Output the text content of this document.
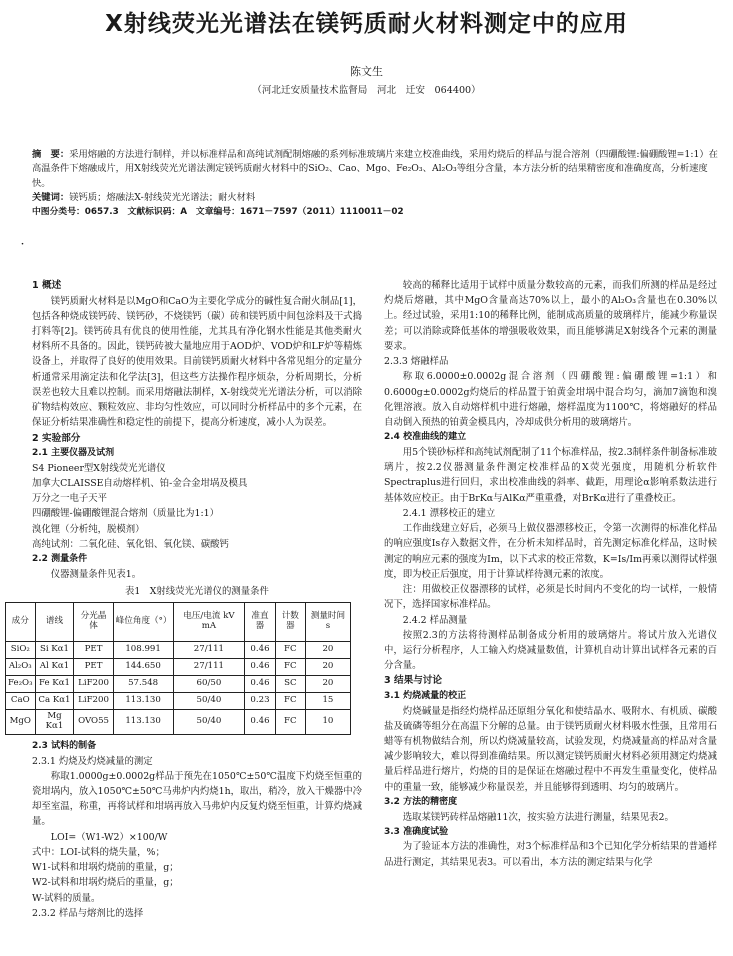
X射线荧光光谱法在镁钙质耐火材料测定中的应用
陈文生
（河北迁安质量技术监督局　河北　迁安　064400）
摘　要：采用熔融的方法进行制样，并以标准样品和高纯试剂配制熔融的系列标准玻璃片来建立校准曲线，采用灼烧后的样品与混合溶剂（四硼酸锂:偏硼酸锂=1:1）在高温条件下熔融成片，用X射线荧光光谱法测定镁钙质耐火材料中的SiO₂、Cao、Mgo、Fe₂O₃、Al₂O₃等组分含量，本方法分析的结果精密度和准确度高，分析速度快。
关键词：镁钙质；熔融法X-射线荧光光谱法；耐火材料
中图分类号：0657.3　文献标识码：A　文章编号：1671－7597（2011）1110011－02
・
1 概述
镁钙质耐火材料是以MgO和CaO为主要化学成分的碱性复合耐火制品[1]，包括各种烧成镁钙砖、镁钙砂，不烧镁钙（碳）砖和镁钙质中间包涂料及干式捣打料等[2]。镁钙砖具有优良的使用性能，尤其具有净化钢水性能是其他类耐火材料所不具备的。因此，镁钙砖被大量地应用于AOD炉、VOD炉和LF炉等精炼设备上，并取得了良好的使用效果。目前镁钙质耐火材料中各常见组分的定量分析通常采用滴定法和化学法[3]，但这些方法操作程序烦杂，分析周期长，分析误差也较大且难以控制。而采用熔融法制样，X-射线荧光光谱法分析，可以消除矿物结构效应、颗粒效应、非均匀性效应，可以同时分析样品中的多个元素，在保证分析结果准确性和稳定性的前提下，提高分析速度，减小人为误差。
2 实验部分
2.1 主要仪器及试剂
S4 Pioneer型X射线荧光光谱仪
加拿大CLAISSE自动熔样机、铂-金合金坩埚及模具
万分之一电子天平
四硼酸锂-偏硼酸锂混合熔剂（质量比为1:1）
溴化锂（分析纯，脱模剂）
高纯试剂：二氧化硅、氧化铝、氧化镁、碳酸钙
2.2 测量条件
仪器测量条件见表1。
表1　X射线荧光光谱仪的测量条件
成分	谱线	分光晶体	峰位角度（°）	电压/电流 kV mA	准直器	计数器	测量时间 s
SiO₂	Si Kα1	PET	108.991	27/111	0.46	FC	20
Al₂O₃	Al Kα1	PET	144.650	27/111	0.46	FC	20
Fe₂O₃	Fe Kα1	LiF200	57.548	60/50	0.46	SC	20
CaO	Ca Kα1	LiF200	113.130	50/40	0.23	FC	15
MgO	Mg Kα1	OVO55	113.130	50/40	0.46	FC	10
2.3 试料的制备
2.3.1 灼烧及灼烧减量的测定
称取1.0000g±0.0002g样品于预先在1050℃±50℃温度下灼烧至恒重的瓷坩埚内，放入1050℃±50℃马弗炉内灼烧1h，取出，稍冷，放入干燥器中冷却至室温，称重，再将试样和坩埚再放入马弗炉内反复灼烧至恒重，计算灼烧减量。
LOI=（W1-W2）×100/W
式中：LOI-试料的烧失量，%；
W1-试料和坩埚灼烧前的重量，g；
W2-试料和坩埚灼烧后的重量，g；
W-试料的质量。
2.3.2 样品与熔剂比的选择
较高的稀释比适用于试样中质量分数较高的元素，而我们所测的样品是经过灼烧后熔融，其中MgO含量高达70%以上，最小的Al₂O₃含量也在0.30%以上。经过试验，采用1:10的稀释比例，能制成高质量的玻璃样片，能减少称量误差；可以消除或降低基体的增强吸收效果，而且能够满足X射线各个元素的测量要求。
2.3.3 熔融样品
称取6.0000±0.0002g混合溶剂（四硼酸锂:偏硼酸锂=1:1）和0.6000g±0.0002g灼烧后的样品置于铂黄金坩埚中混合均匀，滴加7滴饱和溴化锂溶液。放入自动熔样机中进行熔融，熔样温度为1100℃，将熔融好的样品自动倒入预热的铂黄金模具内，冷却成供分析用的玻璃熔片。
2.4 校准曲线的建立
用5个镁砂标样和高纯试剂配制了11个标准样品，按2.3制样条件制备标准玻璃片，按2.2仪器测量条件测定校准样品的X荧光强度，用随机分析软件Spectraplus进行回归，求出校准曲线的斜率、截距，用理论α影响系数法进行基体效应校正。由于BrKα与AlKα严重重叠，对BrKα进行了重叠校正。
2.4.1 漂移校正的建立
工作曲线建立好后，必须马上做仪器漂移校正，令第一次测得的标准化样品的响应强度Is存入数据文件，在分析未知样品时，首先测定标准化样品，这时候测定的响应元素的强度为Im，以下式求的校正常数，K=Is/Im再乘以测得试样强度，即为校正后强度，用于计算试样待测元素的浓度。
注：用做校正仪器漂移的试样，必须是长时间内不变化的均一试样，一般情况下，选择国家标准样品。
2.4.2 样品测量
按照2.3的方法将待测样品制备成分析用的玻璃熔片。将试片放入光谱仪中，运行分析程序，人工输入灼烧减量数值，计算机自动计算出试样各元素的百分含量。
3 结果与讨论
3.1 灼烧减量的校正
灼烧碱量是指经灼烧样品还原组分氧化和使结晶水、吸附水、有机质、碳酸盐及硫磷等组分在高温下分解的总量。由于镁钙质耐火材料吸水性强，且常用石蜡等有机物做结合剂，所以灼烧减量较高，试验发现，灼烧减量高的样品对含量减少影响较大，难以得到准确结果。所以测定镁钙质耐火材料必须用测定灼烧减量后样品进行熔片，灼烧的目的是保证在熔融过程中不再发生重量变化，使样品中的重量一致，能够减少称量误差，并且能够得到透明、均匀的玻璃片。
3.2 方法的精密度
选取某镁钙砖样品熔融11次，按实验方法进行测量，结果见表2。
3.3 准确度试验
为了验证本方法的准确性，对3个标准样品和3个已知化学分析结果的普通样品进行测定，其结果见表3。可以看出，本方法的测定结果与化学
